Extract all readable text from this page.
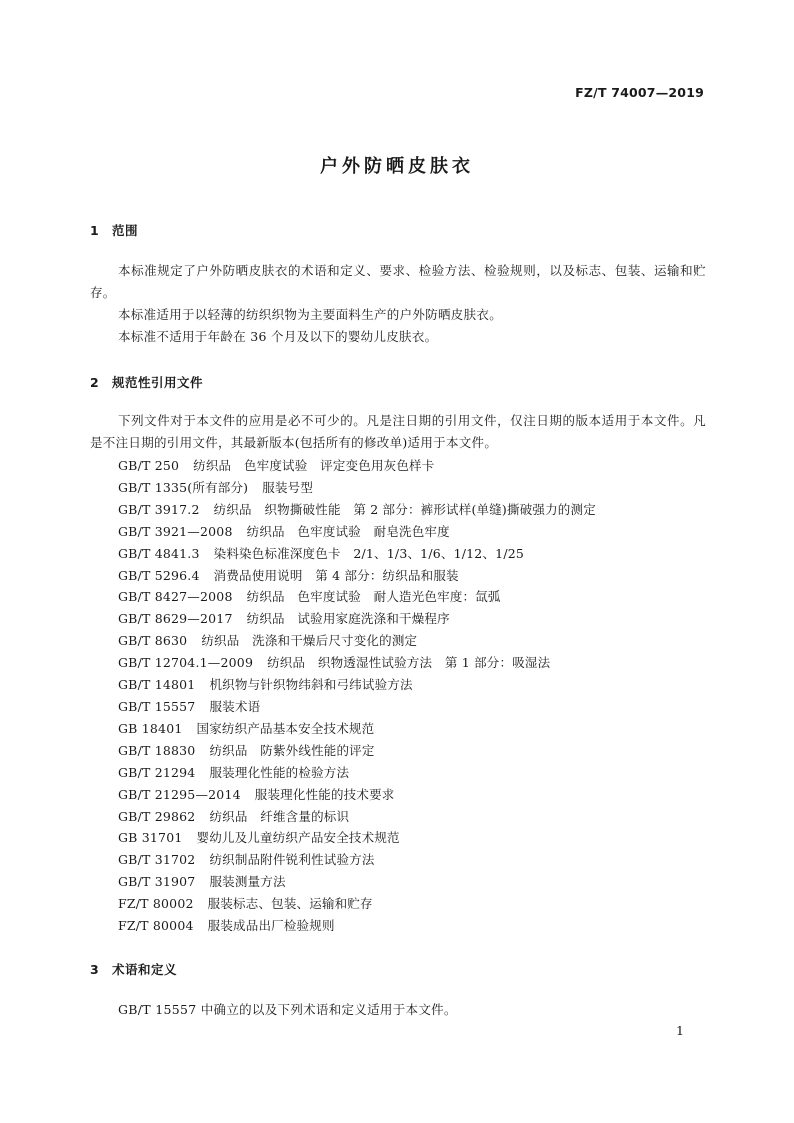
FZ/T 74007—2019
户外防晒皮肤衣
1 范围

本标准规定了户外防晒皮肤衣的术语和定义、要求、检验方法、检验规则，以及标志、包装、运输和贮存。

本标准适用于以轻薄的纺织织物为主要面料生产的户外防晒皮肤衣。

本标准不适用于年龄在 36 个月及以下的婴幼儿皮肤衣。

2 规范性引用文件

下列文件对于本文件的应用是必不可少的。凡是注日期的引用文件，仅注日期的版本适用于本文件。凡是不注日期的引用文件，其最新版本(包括所有的修改单)适用于本文件。

GB/T 250 纺织品　色牢度试验　评定变色用灰色样卡
GB/T 1335(所有部分) 服装号型
GB/T 3917.2 纺织品　织物撕破性能　第 2 部分：裤形试样(单缝)撕破强力的测定
GB/T 3921—2008 纺织品　色牢度试验　耐皂洗色牢度
GB/T 4841.3 染料染色标准深度色卡　2/1、1/3、1/6、1/12、1/25
GB/T 5296.4 消费品使用说明　第 4 部分：纺织品和服装
GB/T 8427—2008 纺织品　色牢度试验　耐人造光色牢度：氙弧
GB/T 8629—2017 纺织品　试验用家庭洗涤和干燥程序
GB/T 8630 纺织品　洗涤和干燥后尺寸变化的测定
GB/T 12704.1—2009 纺织品　织物透湿性试验方法　第 1 部分：吸湿法
GB/T 14801 机织物与针织物纬斜和弓纬试验方法
GB/T 15557 服装术语
GB 18401 国家纺织产品基本安全技术规范
GB/T 18830 纺织品　防紫外线性能的评定
GB/T 21294 服装理化性能的检验方法
GB/T 21295—2014 服装理化性能的技术要求
GB/T 29862 纺织品　纤维含量的标识
GB 31701 婴幼儿及儿童纺织产品安全技术规范
GB/T 31702 纺织制品附件锐利性试验方法
GB/T 31907 服装测量方法
FZ/T 80002 服装标志、包装、运输和贮存
FZ/T 80004 服装成品出厂检验规则
3 术语和定义

GB/T 15557 中确立的以及下列术语和定义适用于本文件。

1
